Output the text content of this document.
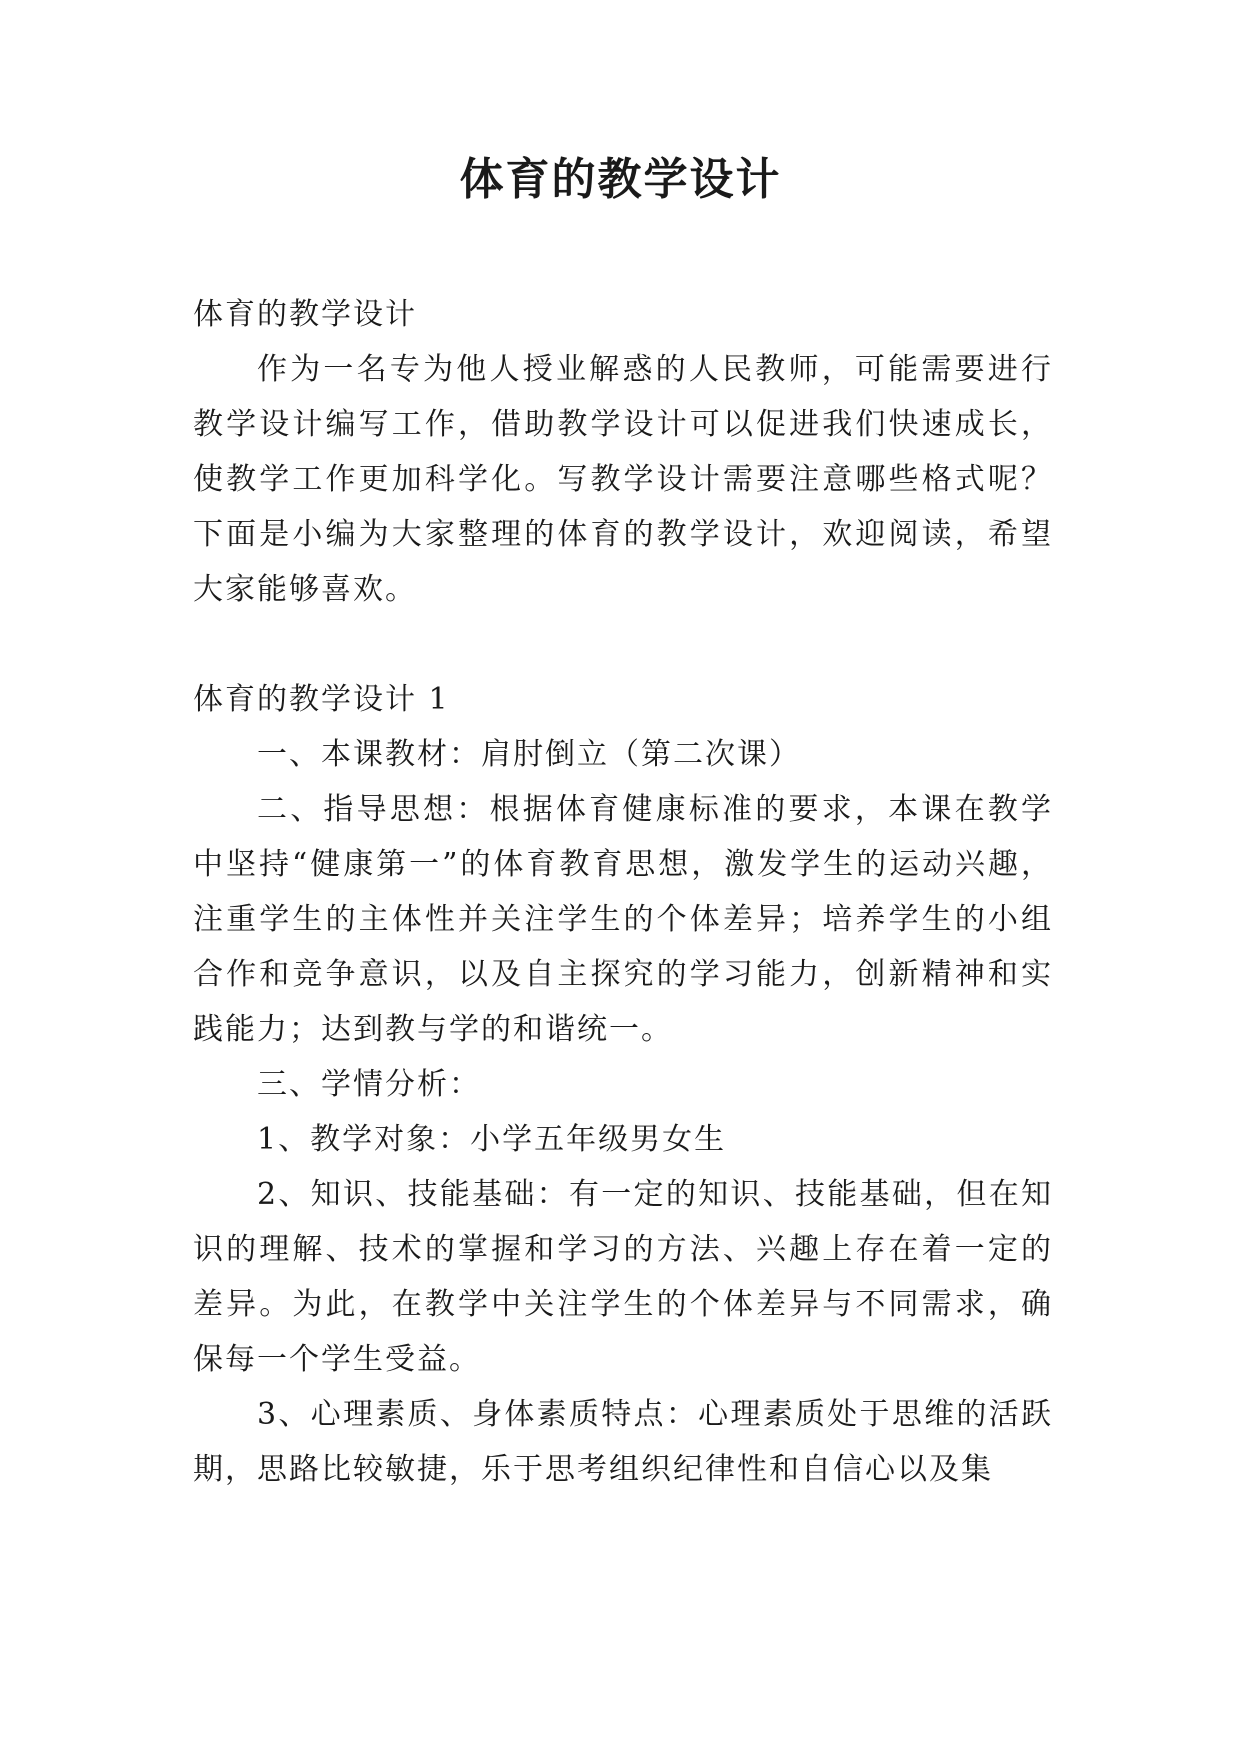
体育的教学设计

体育的教学设计

作为一名专为他人授业解惑的人民教师，可能需要进行教学设计编写工作，借助教学设计可以促进我们快速成长，使教学工作更加科学化。写教学设计需要注意哪些格式呢？下面是小编为大家整理的体育的教学设计，欢迎阅读，希望大家能够喜欢。

体育的教学设计 1

一、本课教材：肩肘倒立（第二次课）

二、指导思想：根据体育健康标准的要求，本课在教学中坚持“健康第一”的体育教育思想，激发学生的运动兴趣，注重学生的主体性并关注学生的个体差异；培养学生的小组合作和竞争意识，以及自主探究的学习能力，创新精神和实践能力；达到教与学的和谐统一。

三、学情分析：

1、教学对象：小学五年级男女生

2、知识、技能基础：有一定的知识、技能基础，但在知识的理解、技术的掌握和学习的方法、兴趣上存在着一定的差异。为此，在教学中关注学生的个体差异与不同需求，确保每一个学生受益。

3、心理素质、身体素质特点：心理素质处于思维的活跃期，思路比较敏捷，乐于思考组织纪律性和自信心以及集
